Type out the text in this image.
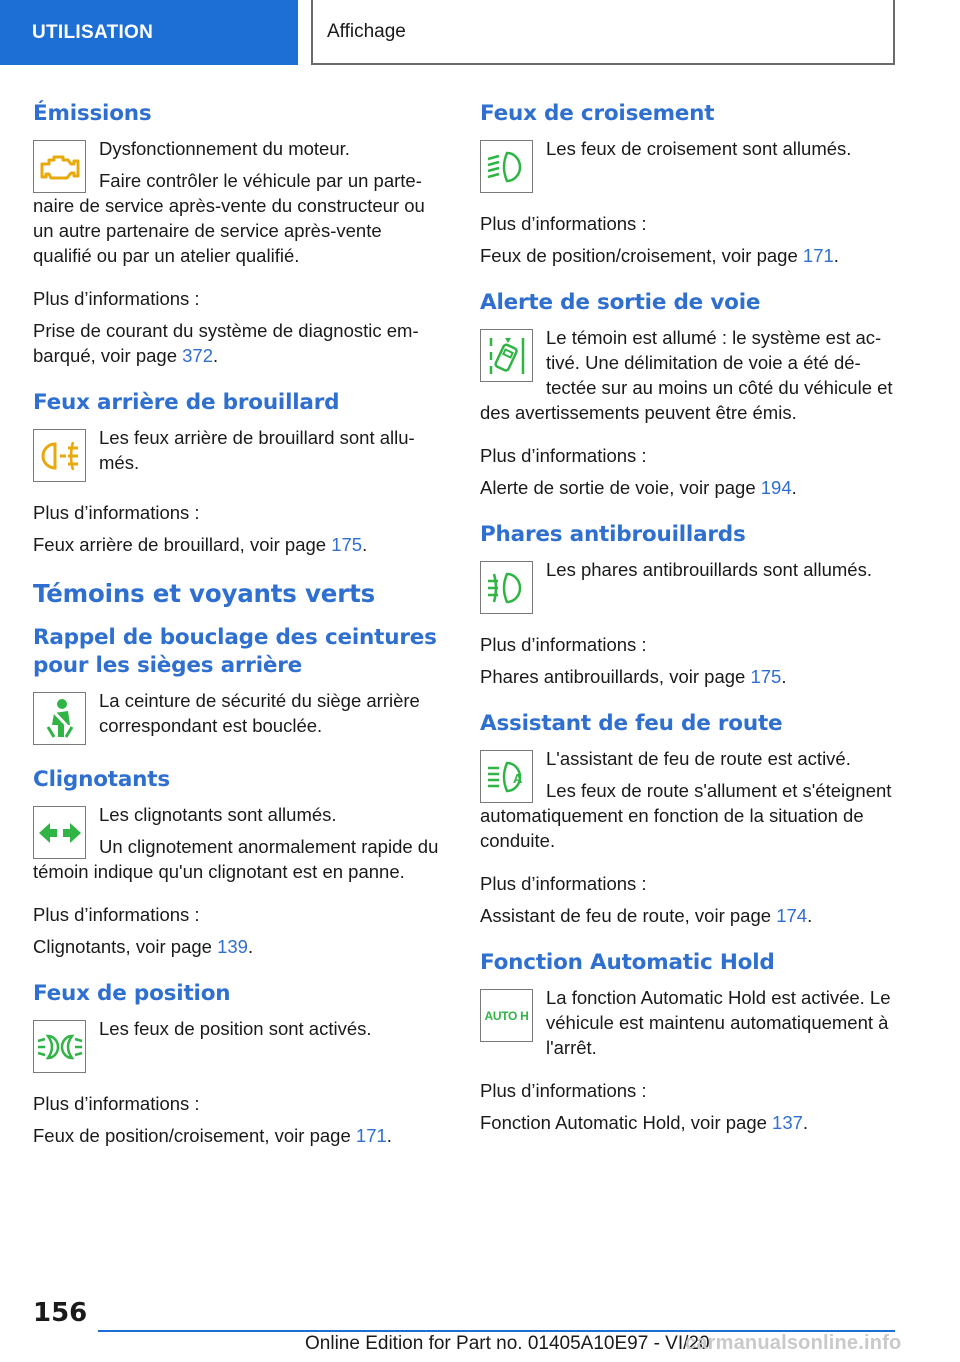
UTILISATION	Affichage
Émissions

Dysfonctionnement du moteur.

Faire contrôler le véhicule par un partenaire de service après-vente du constructeur ou un autre partenaire de service après-vente qualifié ou par un atelier qualifié.

Plus d’informations :

Prise de courant du système de diagnostic embarqué, voir page 372.

Feux arrière de brouillard

Les feux arrière de brouillard sont allumés.

Plus d’informations :

Feux arrière de brouillard, voir page 175.

Témoins et voyants verts
Rappel de bouclage des ceintures pour les sièges arrière

La ceinture de sécurité du siège arrière correspondant est bouclée.

Clignotants

Les clignotants sont allumés.

Un clignotement anormalement rapide du témoin indique qu'un clignotant est en panne.

Plus d’informations :

Clignotants, voir page 139.

Feux de position

Les feux de position sont activés.

Plus d’informations :

Feux de position/croisement, voir page 171.

Feux de croisement

Les feux de croisement sont allumés.

Plus d’informations :

Feux de position/croisement, voir page 171.

Alerte de sortie de voie

Le témoin est allumé : le système est activé. Une délimitation de voie a été détectée sur au moins un côté du véhicule et des avertissements peuvent être émis.

Plus d’informations :

Alerte de sortie de voie, voir page 194.

Phares antibrouillards

Les phares antibrouillards sont allumés.

Plus d’informations :

Phares antibrouillards, voir page 175.

Assistant de feu de route
A

L'assistant de feu de route est activé.

Les feux de route s'allument et s'éteignent automatiquement en fonction de la situation de conduite.

Plus d’informations :

Assistant de feu de route, voir page 174.

Fonction Automatic Hold
AUTO H

La fonction Automatic Hold est activée. Le véhicule est maintenu automatiquement à l'arrêt.

Plus d’informations :

Fonction Automatic Hold, voir page 137.

156
Online Edition for Part no. 01405A10E97 - VI/20
carmanualsonline.info
